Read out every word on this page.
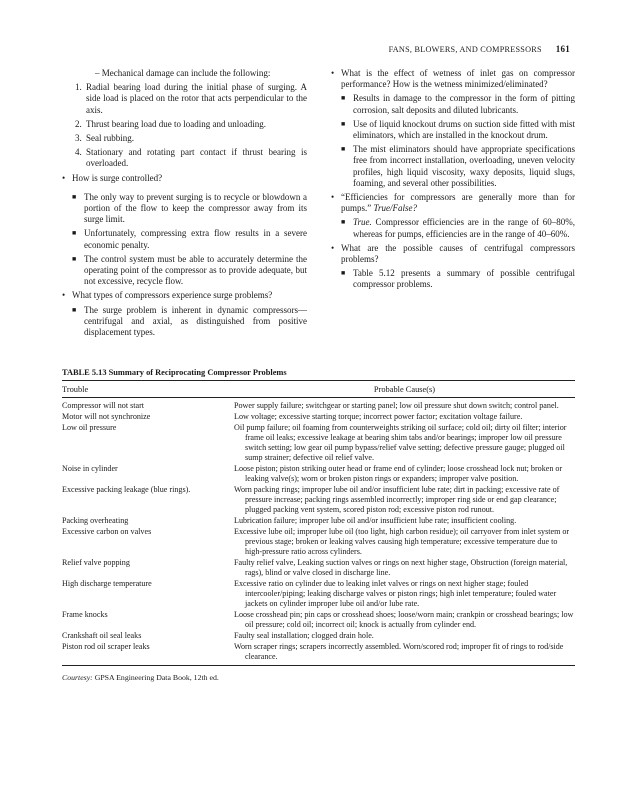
FANS, BLOWERS, AND COMPRESSORS 161

– Mechanical damage can include the following:

1. Radial bearing load during the initial phase of surging. A side load is placed on the rotor that acts perpendicular to the axis.

2. Thrust bearing load due to loading and unloading.

3. Seal rubbing.

4. Stationary and rotating part contact if thrust bearing is overloaded.

• How is surge controlled?

■ The only way to prevent surging is to recycle or blowdown a portion of the flow to keep the compressor away from its surge limit.

■ Unfortunately, compressing extra flow results in a severe economic penalty.

■ The control system must be able to accurately determine the operating point of the compressor as to provide adequate, but not excessive, recycle flow.

• What types of compressors experience surge problems?

■ The surge problem is inherent in dynamic compressors—centrifugal and axial, as distinguished from positive displacement types.

• What is the effect of wetness of inlet gas on compressor performance? How is the wetness minimized/eliminated?

■ Results in damage to the compressor in the form of pitting corrosion, salt deposits and diluted lubricants.

■ Use of liquid knockout drums on suction side fitted with mist eliminators, which are installed in the knockout drum.

■ The mist eliminators should have appropriate specifications free from incorrect installation, overloading, uneven velocity profiles, high liquid viscosity, waxy deposits, liquid slugs, foaming, and several other possibilities.

• “Efficiencies for compressors are generally more than for pumps.” True/False?

■ True. Compressor efficiencies are in the range of 60–80%, whereas for pumps, efficiencies are in the range of 40–60%.

• What are the possible causes of centrifugal compressors problems?

■ Table 5.12 presents a summary of possible centrifugal compressor problems.

TABLE 5.13 Summary of Reciprocating Compressor Problems
Trouble	Probable Cause(s)
Compressor will not start	Power supply failure; switchgear or starting panel; low oil pressure shut down switch; control panel.
Motor will not synchronize	Low voltage; excessive starting torque; incorrect power factor; excitation voltage failure.
Low oil pressure	Oil pump failure; oil foaming from counterweights striking oil surface; cold oil; dirty oil filter; interior frame oil leaks; excessive leakage at bearing shim tabs and/or bearings; improper low oil pressure switch setting; low gear oil pump bypass/relief valve setting; defective pressure gauge; plugged oil sump strainer; defective oil relief valve.
Noise in cylinder	Loose piston; piston striking outer head or frame end of cylinder; loose crosshead lock nut; broken or leaking valve(s); worn or broken piston rings or expanders; improper valve position.
Excessive packing leakage (blue rings).	Worn packing rings; improper lube oil and/or insufficient lube rate; dirt in packing; excessive rate of pressure increase; packing rings assembled incorrectly; improper ring side or end gap clearance; plugged packing vent system, scored piston rod; excessive piston rod runout.
Packing overheating	Lubrication failure; improper lube oil and/or insufficient lube rate; insufficient cooling.
Excessive carbon on valves	Excessive lube oil; improper lube oil (too light, high carbon residue); oil carryover from inlet system or previous stage; broken or leaking valves causing high temperature; excessive temperature due to high-pressure ratio across cylinders.
Relief valve popping	Faulty relief valve, Leaking suction valves or rings on next higher stage, Obstruction (foreign material, rags), blind or valve closed in discharge line.
High discharge temperature	Excessive ratio on cylinder due to leaking inlet valves or rings on next higher stage; fouled intercooler/piping; leaking discharge valves or piston rings; high inlet temperature; fouled water jackets on cylinder improper lube oil and/or lube rate.
Frame knocks	Loose crosshead pin; pin caps or crosshead shoes; loose/worn main; crankpin or crosshead bearings; low oil pressure; cold oil; incorrect oil; knock is actually from cylinder end.
Crankshaft oil seal leaks	Faulty seal installation; clogged drain hole.
Piston rod oil scraper leaks	Worn scraper rings; scrapers incorrectly assembled. Worn/scored rod; improper fit of rings to rod/side clearance.
Courtesy: GPSA Engineering Data Book, 12th ed.
